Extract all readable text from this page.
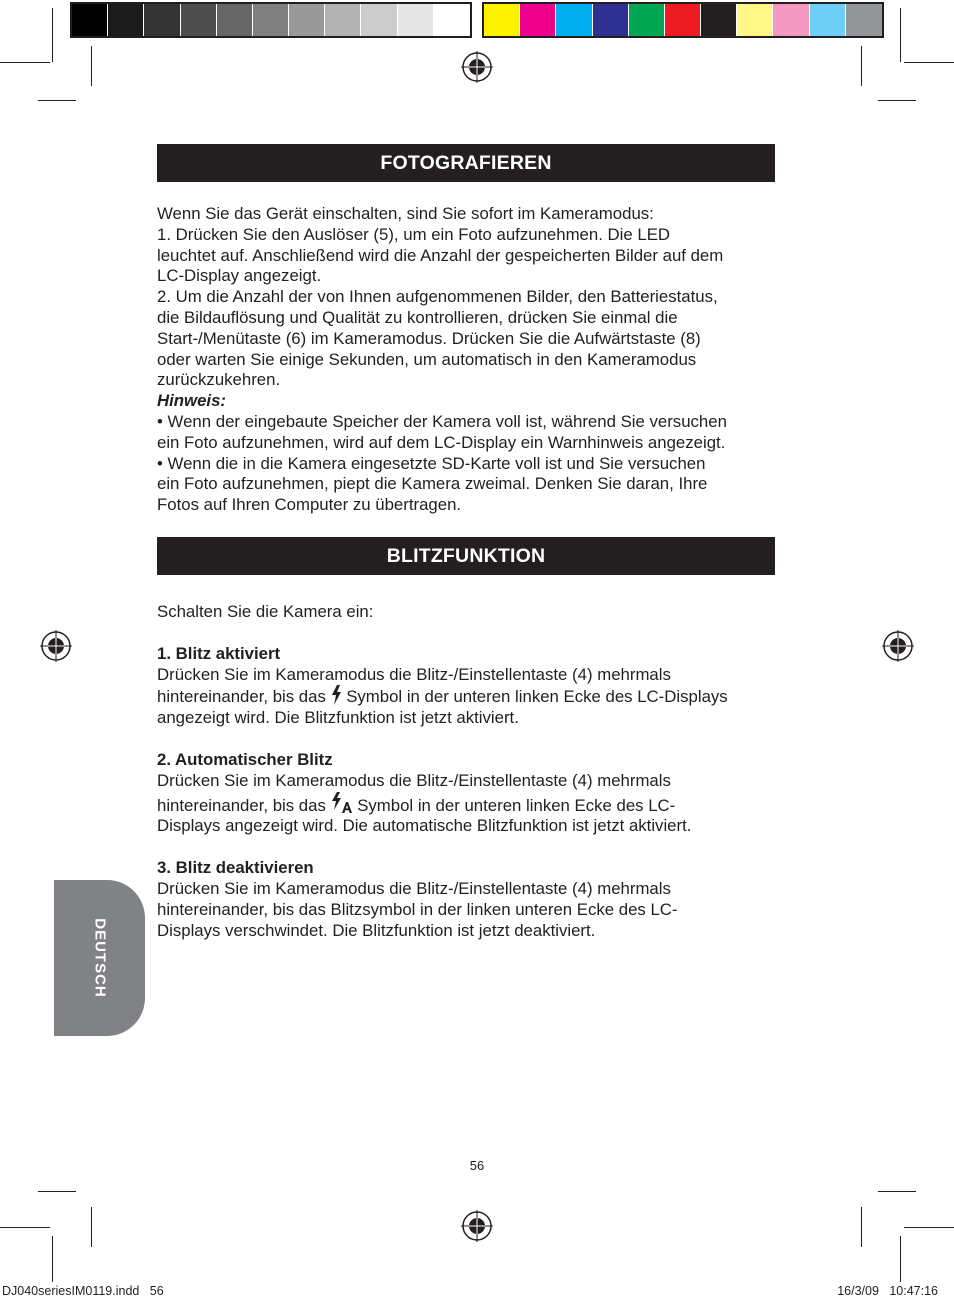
FOTOGRAFIEREN

Wenn Sie das Gerät einschalten, sind Sie sofort im Kameramodus:

1. Drücken Sie den Auslöser (5), um ein Foto aufzunehmen. Die LED

leuchtet auf. Anschließend wird die Anzahl der gespeicherten Bilder auf dem

LC-Display angezeigt.

2. Um die Anzahl der von Ihnen aufgenommenen Bilder, den Batteriestatus,

die Bildauflösung und Qualität zu kontrollieren, drücken Sie einmal die

Start-/Menütaste (6) im Kameramodus. Drücken Sie die Aufwärtstaste (8)

oder warten Sie einige Sekunden, um automatisch in den Kameramodus

zurückzukehren.

Hinweis:

• Wenn der eingebaute Speicher der Kamera voll ist, während Sie versuchen

ein Foto aufzunehmen, wird auf dem LC-Display ein Warnhinweis angezeigt.

• Wenn die in die Kamera eingesetzte SD-Karte voll ist und Sie versuchen

ein Foto aufzunehmen, piept die Kamera zweimal. Denken Sie daran, Ihre

Fotos auf Ihren Computer zu übertragen.

BLITZFUNKTION

Schalten Sie die Kamera ein:

1. Blitz aktiviert

Drücken Sie im Kameramodus die Blitz-/Einstellentaste (4) mehrmals

hintereinander, bis das  Symbol in der unteren linken Ecke des LC-Displays

angezeigt wird. Die Blitzfunktion ist jetzt aktiviert.

2. Automatischer Blitz

Drücken Sie im Kameramodus die Blitz-/Einstellentaste (4) mehrmals

hintereinander, bis das  Symbol in der unteren linken Ecke des LC-

Displays angezeigt wird. Die automatische Blitzfunktion ist jetzt aktiviert.

3. Blitz deaktivieren

Drücken Sie im Kameramodus die Blitz-/Einstellentaste (4) mehrmals

hintereinander, bis das Blitzsymbol in der linken unteren Ecke des LC-

Displays verschwindet. Die Blitzfunktion ist jetzt deaktiviert.

DEUTSCH
56
DJ040seriesIM0119.indd   56	16/3/09   10:47:16
